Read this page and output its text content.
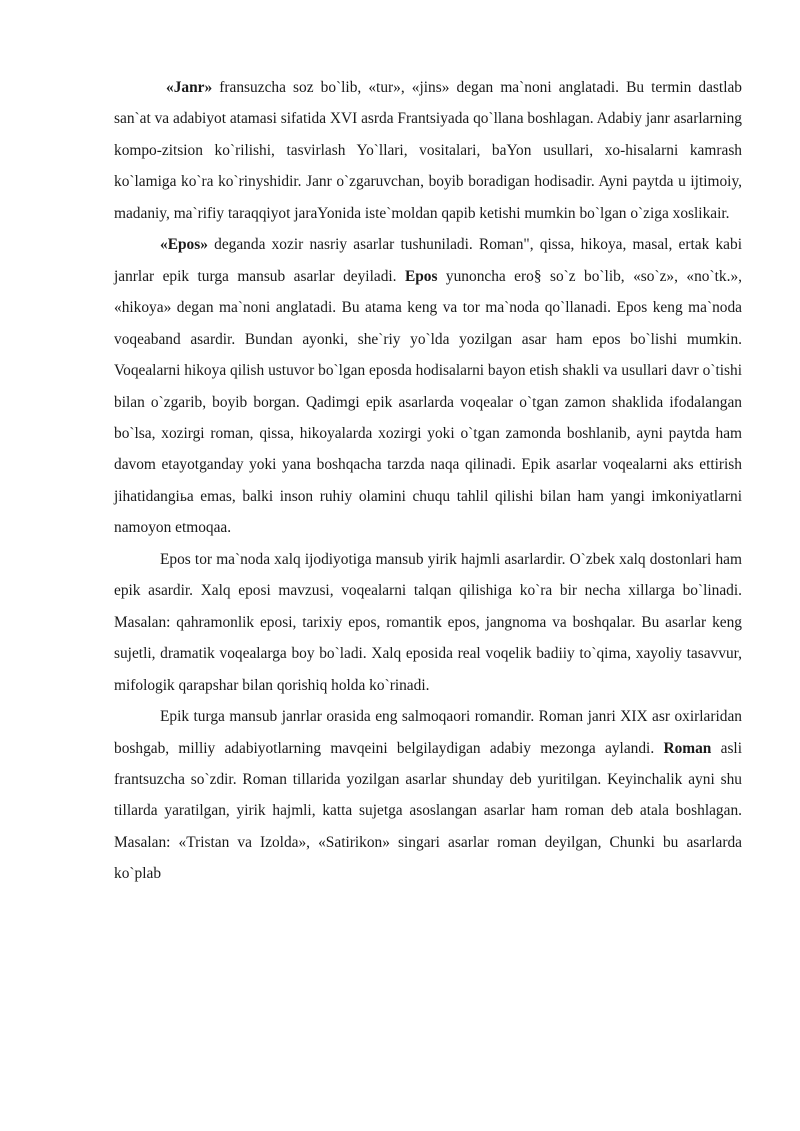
«Janr» fransuzcha soz bo`lib, «tur», «jins» degan ma`noni anglatadi. Bu termin dastlab san`at va adabiyot atamasi sifatida XVI asrda Frantsiyada qo`llana boshlagan. Adabiy janr asarlarning kompo-zitsion ko`rilishi, tasvirlash Yo`llari, vositalari, baYon usullari, xo-hisalarni kamrash ko`lamiga ko`ra ko`rinyshidir. Janr o`zgaruvchan, boyib boradigan hodisadir. Ayni paytda u ijtimoiy, madaniy, ma`rifiy taraqqiyot jaraYonida iste`moldan qapib ketishi mumkin bo`lgan o`ziga xoslikair.

«Epos» deganda xozir nasriy asarlar tushuniladi. Roman", qissa, hikoya, masal, ertak kabi janrlar epik turga mansub asarlar deyiladi. Epos yunoncha ero§ so`z bo`lib, «so`z», «no`tk.», «hikoya» degan ma`noni anglatadi. Bu atama keng va tor ma`noda qo`llanadi. Epos keng ma`noda voqeaband asardir. Bundan ayonki, she`riy yo`lda yozilgan asar ham epos bo`lishi mumkin. Voqealarni hikoya qilish ustuvor bo`lgan eposda hodisalarni bayon etish shakli va usullari davr o`tishi bilan o`zgarib, boyib borgan. Qadimgi epik asarlarda voqealar o`tgan zamon shaklida ifodalangan bo`lsa, xozirgi roman, qissa, hikoyalarda xozirgi yoki o`tgan zamonda boshlanib, ayni paytda ham davom etayotganday yoki yana boshqacha tarzda naqa qilinadi. Epik asarlar voqealarni aks ettirish jihatidangiьa emas, balki inson ruhiy olamini chuqu tahlil qilishi bilan ham yangi imkoniyatlarni namoyon etmoqaa.

Epos tor ma`noda xalq ijodiyotiga mansub yirik hajmli asarlardir. O`zbek xalq dostonlari ham epik asardir. Xalq eposi mavzusi, voqealarni talqan qilishiga ko`ra bir necha xillarga bo`linadi. Masalan: qahramonlik eposi, tarixiy epos, romantik epos, jangnoma va boshqalar. Bu asarlar keng sujetli, dramatik voqealarga boy bo`ladi. Xalq eposida real voqelik badiiy to`qima, xayoliy tasavvur, mifologik qarapshar bilan qorishiq holda ko`rinadi.

Epik turga mansub janrlar orasida eng salmoqaori romandir. Roman janri XIX asr oxirlaridan boshgab, milliy adabiyotlarning mavqeini belgilaydigan adabiy mezonga aylandi. Roman asli frantsuzcha so`zdir. Roman tillarida yozilgan asarlar shunday deb yuritilgan. Keyinchalik ayni shu tillarda yaratilgan, yirik hajmli, katta sujetga asoslangan asarlar ham roman deb atala boshlagan. Masalan: «Tristan va Izolda», «Satirikon» singari asarlar roman deyilgan, Chunki bu asarlarda ko`plab
